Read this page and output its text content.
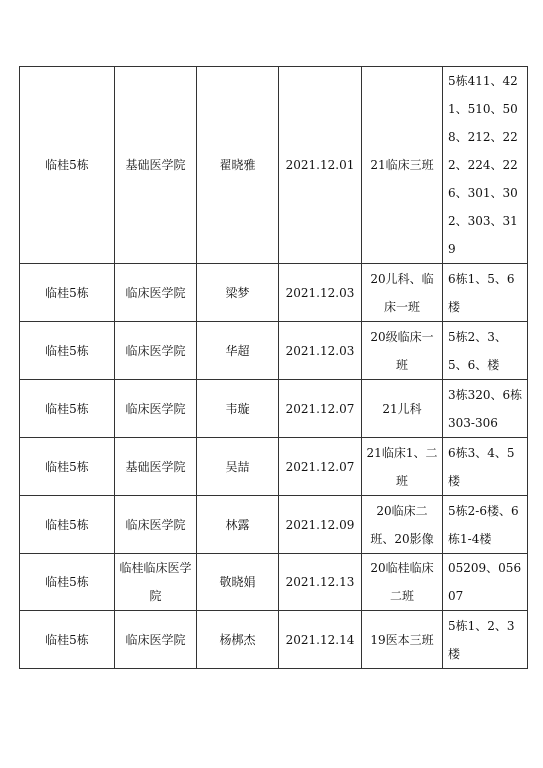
临桂5栋	基础医学院	翟晓雅	2021.12.01	21临床三班	5栋411、421、510、508、212、222、224、226、301、302、303、319
临桂5栋	临床医学院	梁梦	2021.12.03	20儿科、临床一班	6栋1、5、6楼
临桂5栋	临床医学院	华超	2021.12.03	20级临床一班	5栋2、3、5、6、楼
临桂5栋	临床医学院	韦璇	2021.12.07	21儿科	3栋320、6栋303-306
临桂5栋	基础医学院	吴喆	2021.12.07	21临床1、二班	6栋3、4、5楼
临桂5栋	临床医学院	林露	2021.12.09	20临床二班、20影像	5栋2-6楼、6栋1-4楼
临桂5栋	临桂临床医学院	敬晓娟	2021.12.13	20临桂临床二班	05209、05607
临桂5栋	临床医学院	杨梆杰	2021.12.14	19医本三班	5栋1、2、3楼
